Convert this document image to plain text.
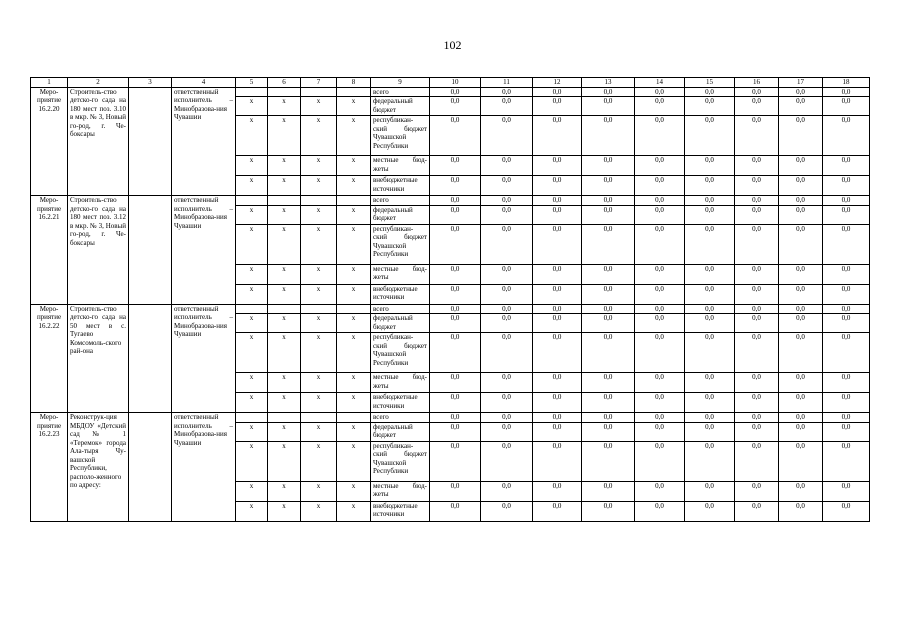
102
1	2	3	4	5	6	7	8	9	10	11	12	13	14	15	16	17	18
Меро-приятие 16.2.20	Строитель-ство детско-го сада на 180 мест поз. 3.10 в мкр. № 3, Новый го-род, г. Че-боксары		ответственный исполнитель – Минобразова-ния Чувашии					всего	0,0	0,0	0,0	0,0	0,0	0,0	0,0	0,0	0,0
				х	х	х	х	федеральный бюджет	0,0	0,0	0,0	0,0	0,0	0,0	0,0	0,0	0,0
				х	х	х	х	республикан-ский бюджет Чувашской Республики	0,0	0,0	0,0	0,0	0,0	0,0	0,0	0,0	0,0
				х	х	х	х	местные бюд-жеты	0,0	0,0	0,0	0,0	0,0	0,0	0,0	0,0	0,0
				х	х	х	х	внебюджетные источники	0,0	0,0	0,0	0,0	0,0	0,0	0,0	0,0	0,0
Меро-приятие 16.2.21	Строитель-ство детско-го сада на 180 мест поз. 3.12 в мкр. № 3, Новый го-род, г. Че-боксары		ответственный исполнитель – Минобразова-ния Чувашии					всего	0,0	0,0	0,0	0,0	0,0	0,0	0,0	0,0	0,0
				х	х	х	х	федеральный бюджет	0,0	0,0	0,0	0,0	0,0	0,0	0,0	0,0	0,0
				х	х	х	х	республикан-ский бюджет Чувашской Республики	0,0	0,0	0,0	0,0	0,0	0,0	0,0	0,0	0,0
				х	х	х	х	местные бюд-жеты	0,0	0,0	0,0	0,0	0,0	0,0	0,0	0,0	0,0
				х	х	х	х	внебюджетные источники	0,0	0,0	0,0	0,0	0,0	0,0	0,0	0,0	0,0
Меро-приятие 16.2.22	Строитель-ство детско-го сада на 50 мест в с. Тугаево Комсомоль-ского рай-она		ответственный исполнитель – Минобразова-ния Чувашии					всего	0,0	0,0	0,0	0,0	0,0	0,0	0,0	0,0	0,0
				х	х	х	х	федеральный бюджет	0,0	0,0	0,0	0,0	0,0	0,0	0,0	0,0	0,0
				х	х	х	х	республикан-ский бюджет Чувашской Республики	0,0	0,0	0,0	0,0	0,0	0,0	0,0	0,0	0,0
				х	х	х	х	местные бюд-жеты	0,0	0,0	0,0	0,0	0,0	0,0	0,0	0,0	0,0
				х	х	х	х	внебюджетные источники	0,0	0,0	0,0	0,0	0,0	0,0	0,0	0,0	0,0
Меро-приятие 16.2.23	Реконструк-ция МБДОУ «Детский сад № 1 «Теремок» города Ала-тыря Чу-вашской Республики, располо-женного по адресу:		ответственный исполнитель – Минобразова-ния Чувашии					всего	0,0	0,0	0,0	0,0	0,0	0,0	0,0	0,0	0,0
				х	х	х	х	федеральный бюджет	0,0	0,0	0,0	0,0	0,0	0,0	0,0	0,0	0,0
				х	х	х	х	республикан-ский бюджет Чувашской Республики	0,0	0,0	0,0	0,0	0,0	0,0	0,0	0,0	0,0
				х	х	х	х	местные бюд-жеты	0,0	0,0	0,0	0,0	0,0	0,0	0,0	0,0	0,0
				х	х	х	х	внебюджетные источники	0,0	0,0	0,0	0,0	0,0	0,0	0,0	0,0	0,0
